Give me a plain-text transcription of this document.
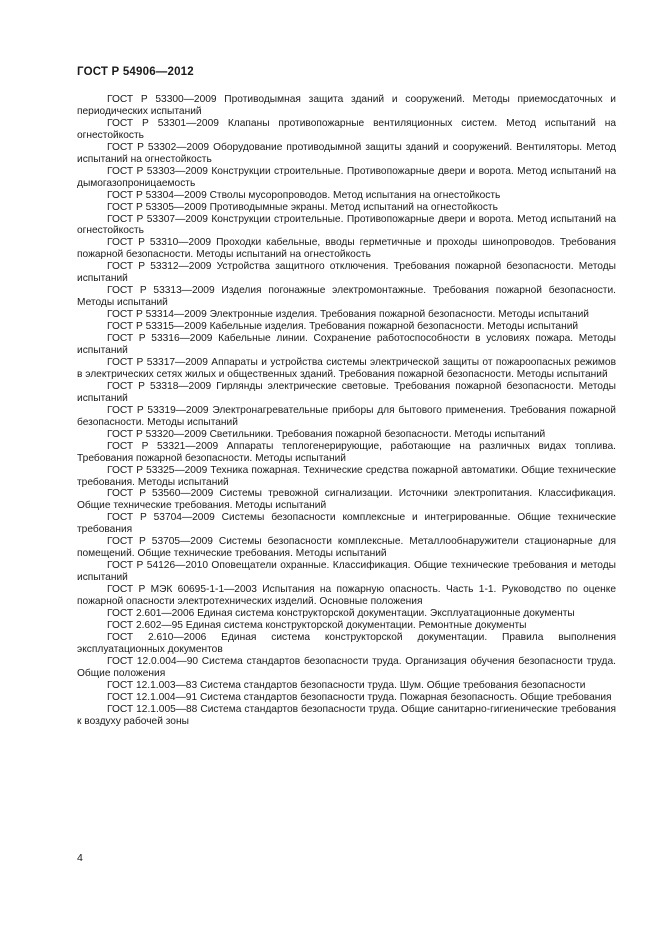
ГОСТ Р 54906—2012

ГОСТ Р 53300—2009 Противодымная защита зданий и сооружений. Методы приемосдаточных и периодических испытаний

ГОСТ Р 53301—2009 Клапаны противопожарные вентиляционных систем. Метод испытаний на огнестойкость

ГОСТ Р 53302—2009 Оборудование противодымной защиты зданий и сооружений. Вентиляторы. Метод испытаний на огнестойкость

ГОСТ Р 53303—2009 Конструкции строительные. Противопожарные двери и ворота. Метод испытаний на дымогазопроницаемость

ГОСТ Р 53304—2009 Стволы мусоропроводов. Метод испытания на огнестойкость

ГОСТ Р 53305—2009 Противодымные экраны. Метод испытаний на огнестойкость

ГОСТ Р 53307—2009 Конструкции строительные. Противопожарные двери и ворота. Метод испытаний на огнестойкость

ГОСТ Р 53310—2009 Проходки кабельные, вводы герметичные и проходы шинопроводов. Требования пожарной безопасности. Методы испытаний на огнестойкость

ГОСТ Р 53312—2009 Устройства защитного отключения. Требования пожарной безопасности. Методы испытаний

ГОСТ Р 53313—2009 Изделия погонажные электромонтажные. Требования пожарной безопасности. Методы испытаний

ГОСТ Р 53314—2009 Электронные изделия. Требования пожарной безопасности. Методы испытаний

ГОСТ Р 53315—2009 Кабельные изделия. Требования пожарной безопасности. Методы испытаний

ГОСТ Р 53316—2009 Кабельные линии. Сохранение работоспособности в условиях пожара. Методы испытаний

ГОСТ Р 53317—2009 Аппараты и устройства системы электрической защиты от пожароопасных режимов в электрических сетях жилых и общественных зданий. Требования пожарной безопасности. Методы испытаний

ГОСТ Р 53318—2009 Гирлянды электрические световые. Требования пожарной безопасности. Методы испытаний

ГОСТ Р 53319—2009 Электронагревательные приборы для бытового применения. Требования пожарной безопасности. Методы испытаний

ГОСТ Р 53320—2009 Светильники. Требования пожарной безопасности. Методы испытаний

ГОСТ Р 53321—2009 Аппараты теплогенерирующие, работающие на различных видах топлива. Требования пожарной безопасности. Методы испытаний

ГОСТ Р 53325—2009 Техника пожарная. Технические средства пожарной автоматики. Общие технические требования. Методы испытаний

ГОСТ Р 53560—2009 Системы тревожной сигнализации. Источники электропитания. Классификация. Общие технические требования. Методы испытаний

ГОСТ Р 53704—2009 Системы безопасности комплексные и интегрированные. Общие технические требования

ГОСТ Р 53705—2009 Системы безопасности комплексные. Металлообнаружители стационарные для помещений. Общие технические требования. Методы испытаний

ГОСТ Р 54126—2010 Оповещатели охранные. Классификация. Общие технические требования и методы испытаний

ГОСТ Р МЭК 60695-1-1—2003 Испытания на пожарную опасность. Часть 1-1. Руководство по оценке пожарной опасности электротехнических изделий. Основные положения

ГОСТ 2.601—2006 Единая система конструкторской документации. Эксплуатационные документы

ГОСТ 2.602—95 Единая система конструкторской документации. Ремонтные документы

ГОСТ 2.610—2006 Единая система конструкторской документации. Правила выполнения эксплуатационных документов

ГОСТ 12.0.004—90 Система стандартов безопасности труда. Организация обучения безопасности труда. Общие положения

ГОСТ 12.1.003—83 Система стандартов безопасности труда. Шум. Общие требования безопасности

ГОСТ 12.1.004—91 Система стандартов безопасности труда. Пожарная безопасность. Общие требования

ГОСТ 12.1.005—88 Система стандартов безопасности труда. Общие санитарно-гигиенические требования к воздуху рабочей зоны

4
